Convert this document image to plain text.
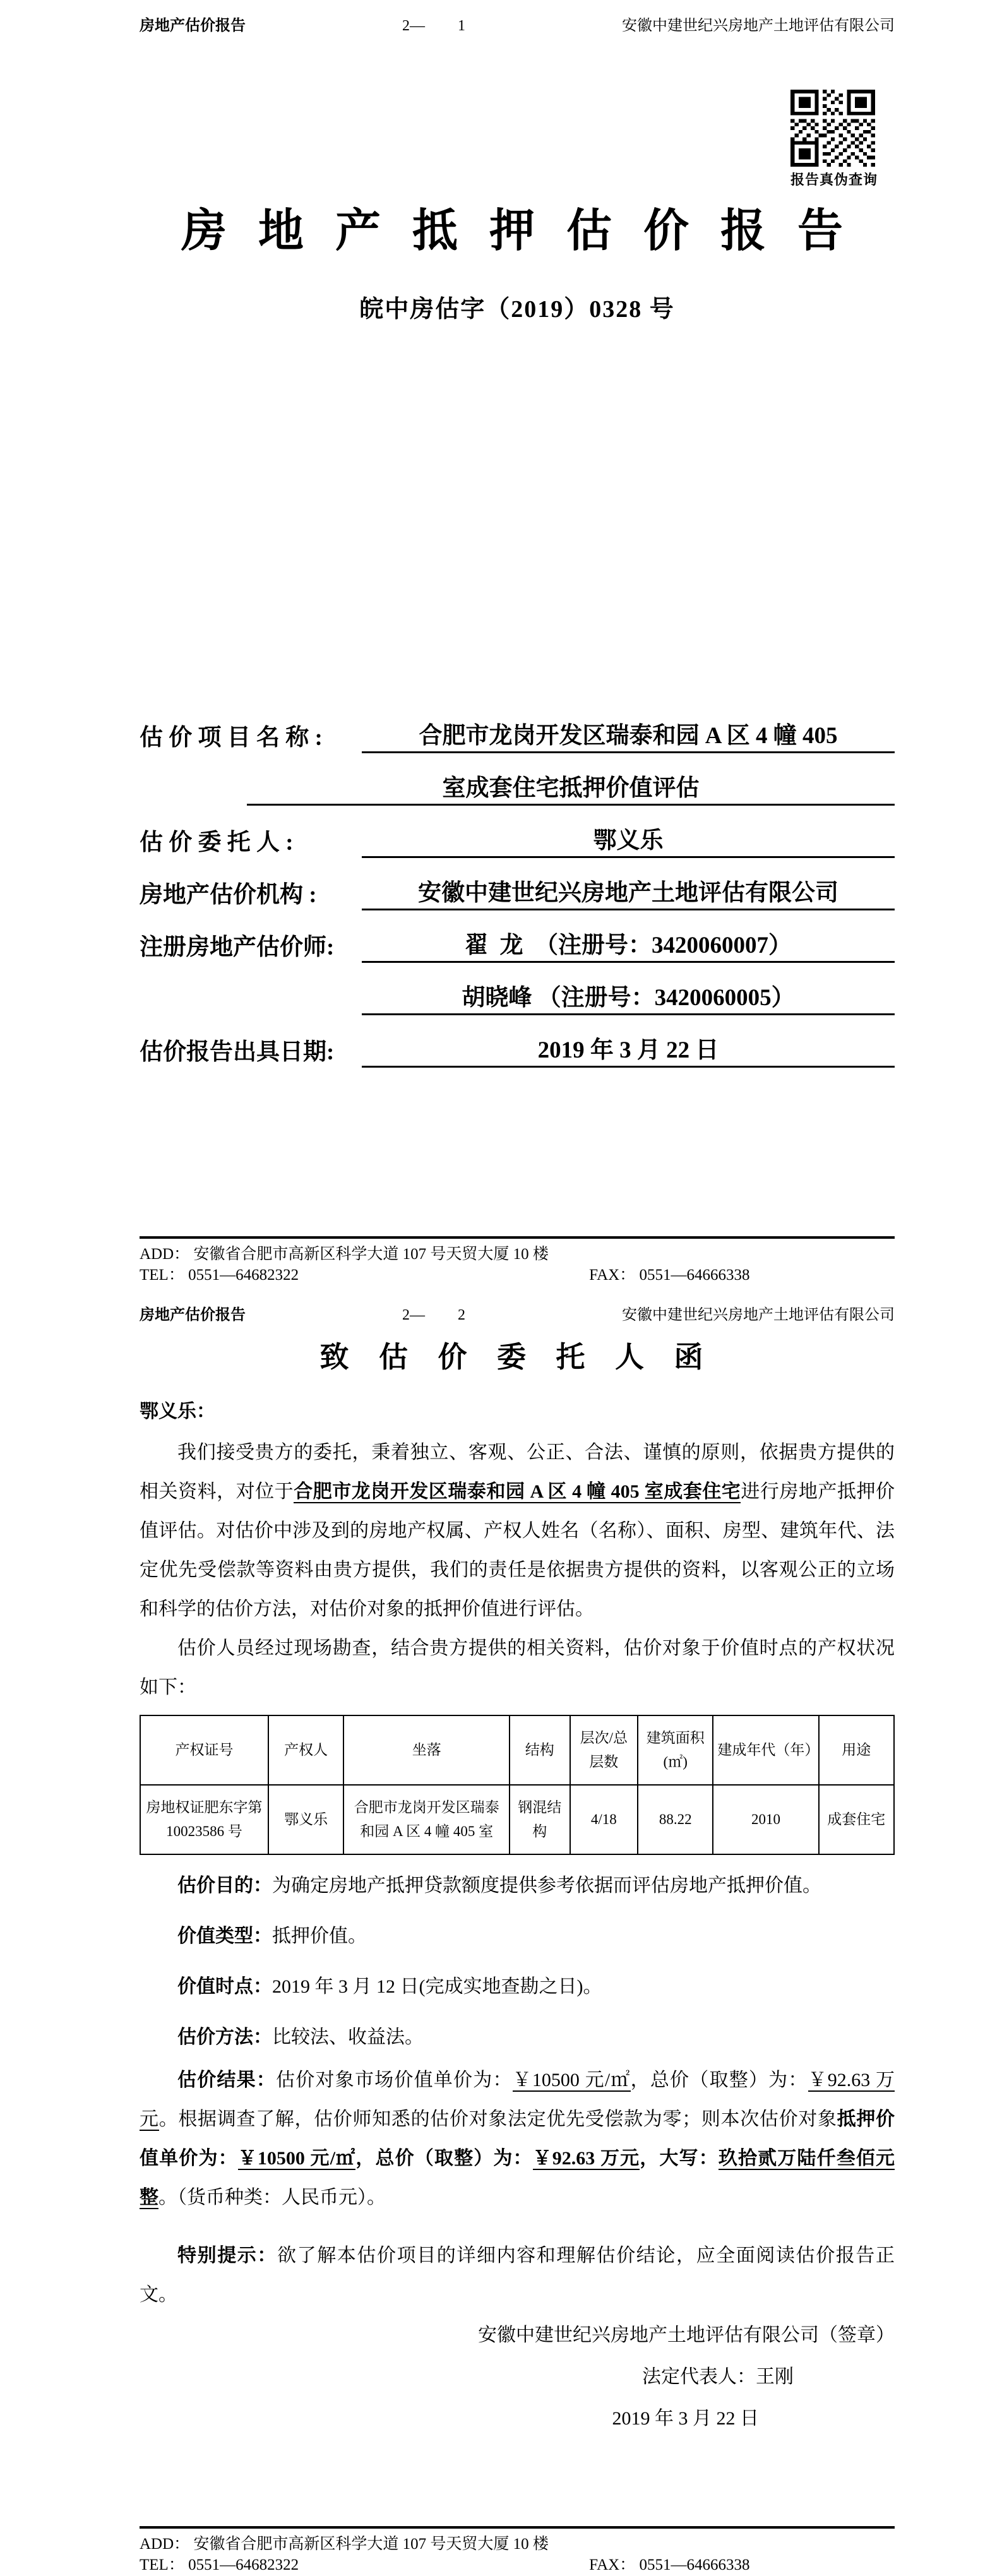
房地产估价报告	2— 1	安徽中建世纪兴房地产土地评估有限公司
报告真伪查询
房 地 产 抵 押 估 价 报 告
皖中房估字（2019）0328 号
估 价 项 目 名 称 :	合肥市龙岗开发区瑞泰和园 A 区 4 幢 405
室成套住宅抵押价值评估
估 价 委 托 人 :	鄂义乐
房地产估价机构 :	安徽中建世纪兴房地产土地评估有限公司
注册房地产估价师:	翟  龙  （注册号：3420060007）
胡晓峰 （注册号：3420060005）
估价报告出具日期:	2019 年 3 月 22 日
ADD： 安徽省合肥市高新区科学大道 107 号天贸大厦 10 楼
TEL： 0551—64682322	FAX： 0551—64666338
房地产估价报告	2— 2	安徽中建世纪兴房地产土地评估有限公司
致 估 价 委 托 人 函
鄂义乐：

我们接受贵方的委托，秉着独立、客观、公正、合法、谨慎的原则，依据贵方提供的相关资料，对位于合肥市龙岗开发区瑞泰和园 A 区 4 幢 405 室成套住宅进行房地产抵押价值评估。对估价中涉及到的房地产权属、产权人姓名（名称）、面积、房型、建筑年代、法定优先受偿款等资料由贵方提供，我们的责任是依据贵方提供的资料，以客观公正的立场和科学的估价方法，对估价对象的抵押价值进行评估。

估价人员经过现场勘查，结合贵方提供的相关资料，估价对象于价值时点的产权状况如下：

产权证号	产权人	坐落	结构	层次/总层数	建筑面积(㎡)	建成年代（年）	用途
房地权证肥东字第 10023586 号	鄂义乐	合肥市龙岗开发区瑞泰和园 A 区 4 幢 405 室	钢混结构	4/18	88.22	2010	成套住宅

估价目的：为确定房地产抵押贷款额度提供参考依据而评估房地产抵押价值。

价值类型：抵押价值。

价值时点：2019 年 3 月 12 日(完成实地查勘之日)。

估价方法：比较法、收益法。

估价结果：估价对象市场价值单价为：￥10500 元/㎡，总价（取整）为：￥92.63 万元。根据调查了解，估价师知悉的估价对象法定优先受偿款为零；则本次估价对象抵押价值单价为：￥10500 元/㎡，总价（取整）为：￥92.63 万元，大写：玖拾贰万陆仟叁佰元整。（货币种类：人民币元）。

特别提示：欲了解本估价项目的详细内容和理解估价结论，应全面阅读估价报告正文。

安徽中建世纪兴房地产土地评估有限公司（签章）
法定代表人：王刚
2019 年 3 月 22 日
ADD： 安徽省合肥市高新区科学大道 107 号天贸大厦 10 楼
TEL： 0551—64682322	FAX： 0551—64666338
